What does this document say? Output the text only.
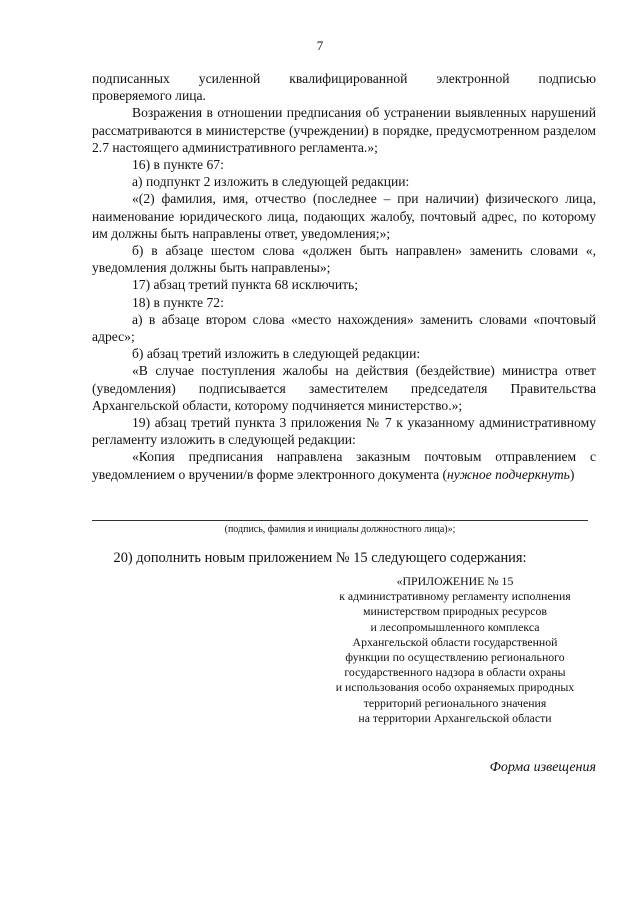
7
подписанных усиленной квалифицированной электронной подписью

проверяемого лица.

Возражения в отношении предписания об устранении выявленных нарушений рассматриваются в министерстве (учреждении) в порядке, предусмотренном разделом 2.7 настоящего административного регламента.»;

16) в пункте 67:

а) подпункт 2 изложить в следующей редакции:

«(2) фамилия, имя, отчество (последнее – при наличии) физического лица, наименование юридического лица, подающих жалобу, почтовый адрес, по которому им должны быть направлены ответ, уведомления;»;

б) в абзаце шестом слова «должен быть направлен» заменить словами «, уведомления должны быть направлены»;

17) абзац третий пункта 68 исключить;

18) в пункте 72:

а) в абзаце втором слова «место нахождения» заменить словами «почтовый адрес»;

б) абзац третий изложить в следующей редакции:

«В случае поступления жалобы на действия (бездействие) министра ответ (уведомления) подписывается заместителем председателя Правительства Архангельской области, которому подчиняется министерство.»;

19) абзац третий пункта 3 приложения № 7 к указанному административному регламенту изложить в следующей редакции:

«Копия предписания направлена заказным почтовым отправлением с уведомлением о вручении/в форме электронного документа (нужное подчеркнуть)

(подпись, фамилия и инициалы должностного лица)»;
20) дополнить новым приложением № 15 следующего содержания:
«ПРИЛОЖЕНИЕ № 15
к административному регламенту исполнения
министерством природных ресурсов
и лесопромышленного комплекса
Архангельской области государственной
функции по осуществлению регионального
государственного надзора в области охраны
и использования особо охраняемых природных
территорий регионального значения
на территории Архангельской области
Форма извещения
